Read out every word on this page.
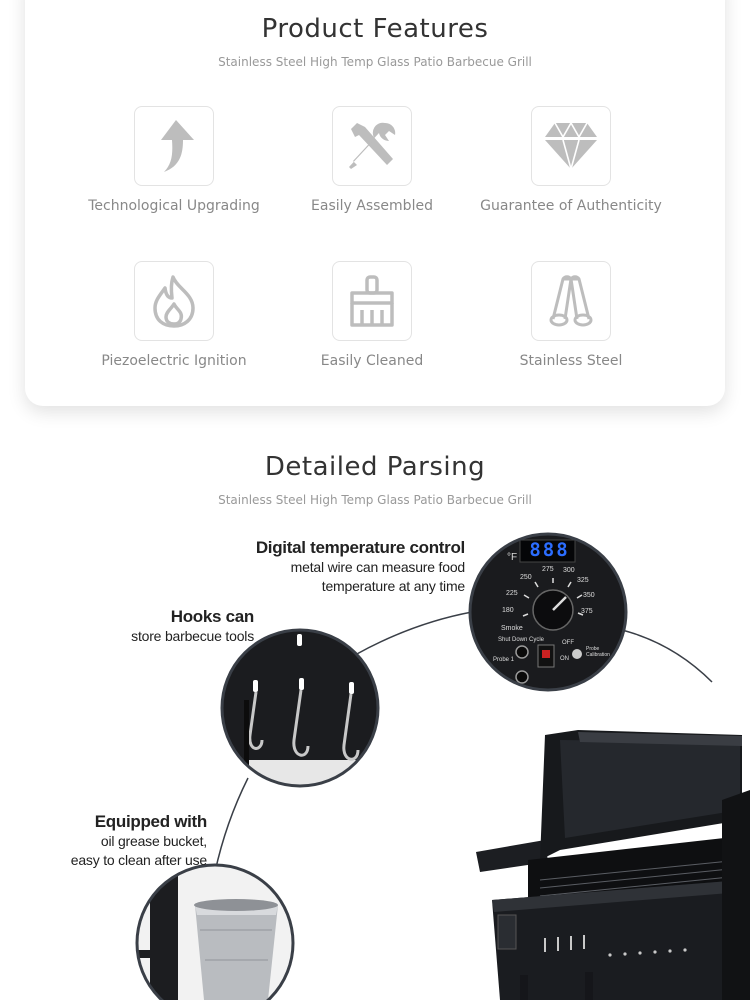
Product Features
Stainless Steel High Temp Glass Patio Barbecue Grill
Technological Upgrading	Easily Assembled	Guarantee of Authenticity
Piezoelectric Ignition	Easily Cleaned	Stainless Steel
Detailed Parsing
Stainless Steel High Temp Glass Patio Barbecue Grill
°F 888
Smoke
180
225
250
275 300
325
350
375
Shut Down Cycle	OFF
ON
Probe 1
Probe Calibration
Digital temperature control
metal wire can measure food
temperature at any time
Hooks can
store barbecue tools
Equipped with
oil grease bucket,
easy to clean after use
